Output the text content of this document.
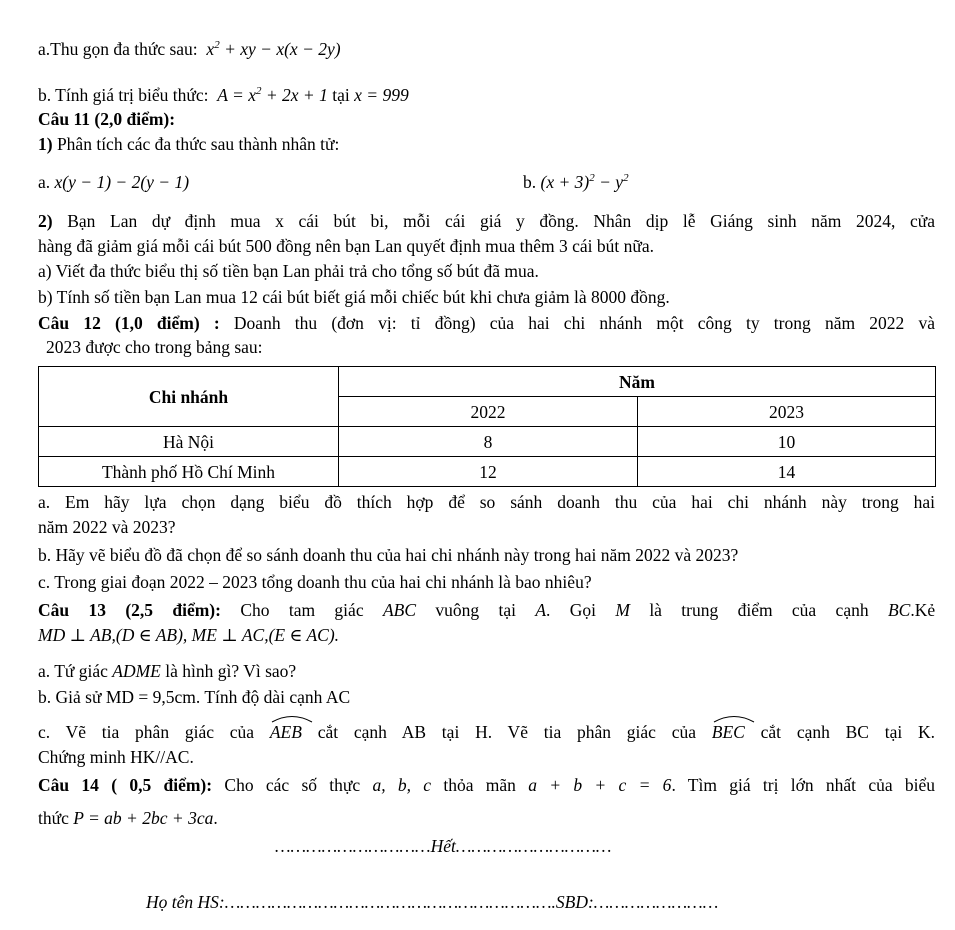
a.Thu gọn đa thức sau: $x^2$ + xy − x(x − 2y)
b. Tính giá trị biểu thức: $A = x^2 + 2x + 1$ tại x = 999
Câu 11 (2,0 điểm):
1) Phân tích các đa thức sau thành nhân tử:
a. x(y − 1) − 2(y − 1)	b. $(x + 3)^2 - y^2$
2) Bạn Lan dự định mua x cái bút bi, mỗi cái giá y đồng. Nhân dịp lễ Giáng sinh năm 2024, cửa
hàng đã giảm giá mỗi cái bút 500 đồng nên bạn Lan quyết định mua thêm 3 cái bút nữa.
a) Viết đa thức biểu thị số tiền bạn Lan phải trả cho tổng số bút đã mua.
b) Tính số tiền bạn Lan mua 12 cái bút biết giá mỗi chiếc bút khi chưa giảm là 8000 đồng.
Câu 12 (1,0 điểm) : Doanh thu (đơn vị: tỉ đồng) của hai chi nhánh một công ty trong năm 2022 và
2023 được cho trong bảng sau:
Chi nhánh	Năm	
	2022	2023
Hà Nội	8	10
Thành phố Hồ Chí Minh	12	14
a. Em hãy lựa chọn dạng biểu đồ thích hợp để so sánh doanh thu của hai chi nhánh này trong hai
năm 2022 và 2023?
b. Hãy vẽ biểu đồ đã chọn để so sánh doanh thu của hai chi nhánh này trong hai năm 2022 và 2023?
c. Trong giai đoạn 2022 – 2023 tổng doanh thu của hai chi nhánh là bao nhiêu?
Câu 13 (2,5 điểm): Cho tam giác ABC vuông tại A. Gọi M là trung điểm của cạnh BC.Kẻ
MD ⊥ AB,(D ∈ AB), ME ⊥ AC,(E ∈ AC).
a. Tứ giác ADME là hình gì? Vì sao?
b. Giả sử MD = 9,5cm. Tính độ dài cạnh AC
c. Vẽ tia phân giác của AEB cắt cạnh AB tại H. Vẽ tia phân giác của BEC cắt cạnh BC tại K.
Chứng minh HK//AC.
Câu 14 ( 0,5 điểm): Cho các số thực a, b, c thỏa mãn a + b + c = 6. Tìm giá trị lớn nhất của biểu
thức P = ab + 2bc + 3ca.
…………………………Hết…………………………
Họ tên HS:……………………………………………………….SBD:……………………
